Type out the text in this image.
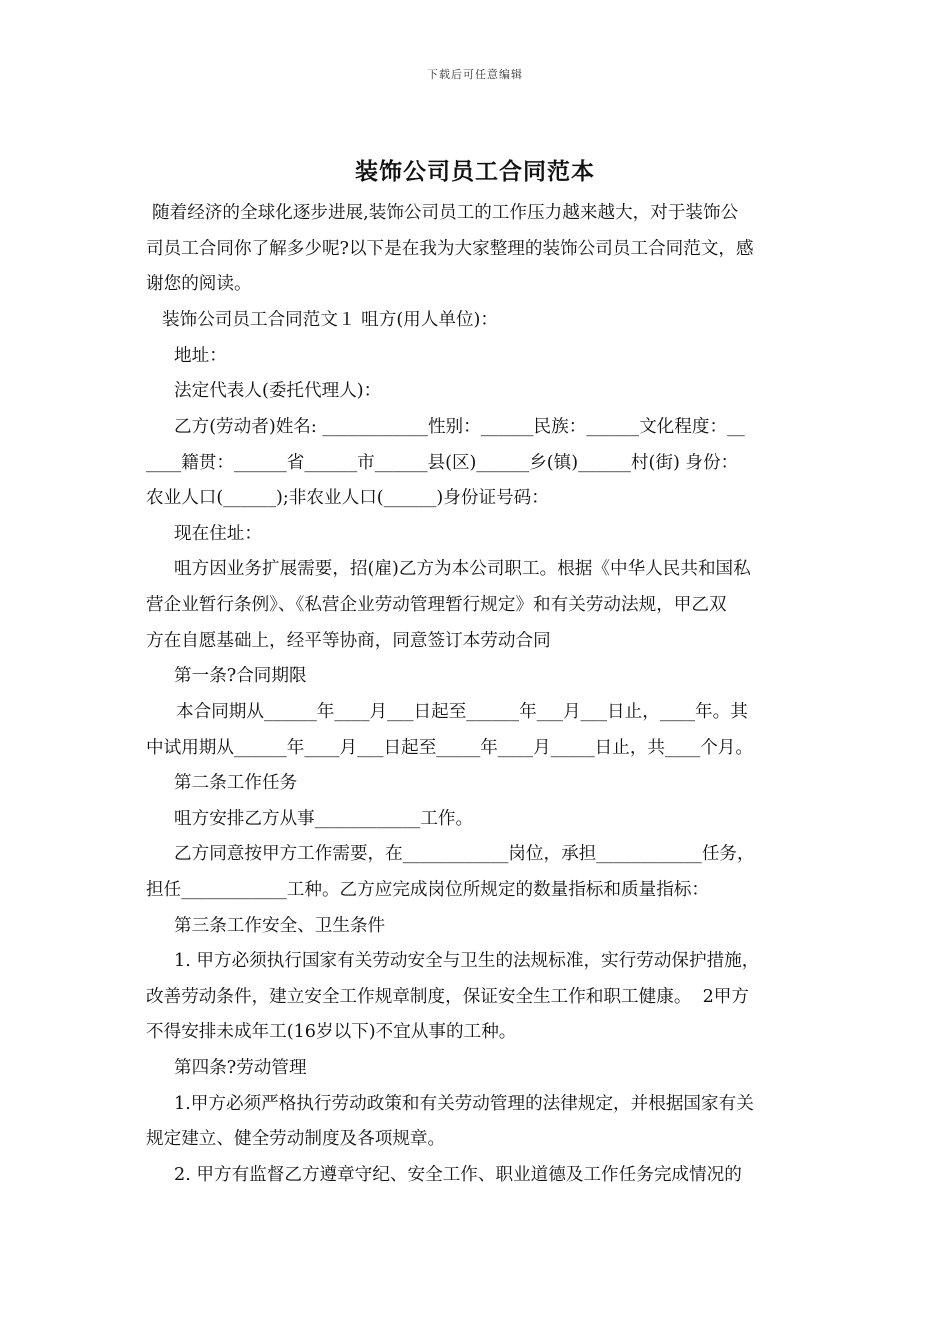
下载后可任意编辑
装饰公司员工合同范本
随着经济的全球化逐步进展,装饰公司员工的工作压力越来越大，对于装饰公
司员工合同你了解多少呢?以下是在我为大家整理的装饰公司员工合同范文，感
谢您的阅读。
装饰公司员工合同范文１ 咀方(用人单位)：
地址：
法定代表人(委托代理人)：
乙方(劳动者)姓名: ____________性别：______民族：______文化程度：__
____籍贯：______省______市______县(区)______乡(镇)______村(街) 身份：
农业人口(______);非农业人口(______)身份证号码：
现在住址：
咀方因业务扩展需要，招(雇)乙方为本公司职工。根据《中华人民共和国私
营企业暂行条例》、《私营企业劳动管理暂行规定》和有关劳动法规，甲乙双
方在自愿基础上，经平等协商，同意签订本劳动合同
第一条?合同期限
本合同期从______年____月___日起至______年___月___日止，____年。其
中试用期从______年____月___日起至_____年____月_____日止，共____个月。
第二条工作任务
咀方安排乙方从事____________工作。
乙方同意按甲方工作需要，在____________岗位，承担____________任务，
担任____________工种。乙方应完成岗位所规定的数量指标和质量指标：
第三条工作安全、卫生条件
1. 甲方必须执行国家有关劳动安全与卫生的法规标准，实行劳动保护措施，
改善劳动条件，建立安全工作规章制度，保证安全生工作和职工健康。  2甲方
不得安排未成年工(16岁以下)不宜从事的工种。
第四条?劳动管理
1.甲方必须严格执行劳动政策和有关劳动管理的法律规定，并根据国家有关
规定建立、健全劳动制度及各项规章。
2. 甲方有监督乙方遵章守纪、安全工作、职业道德及工作任务完成情况的
